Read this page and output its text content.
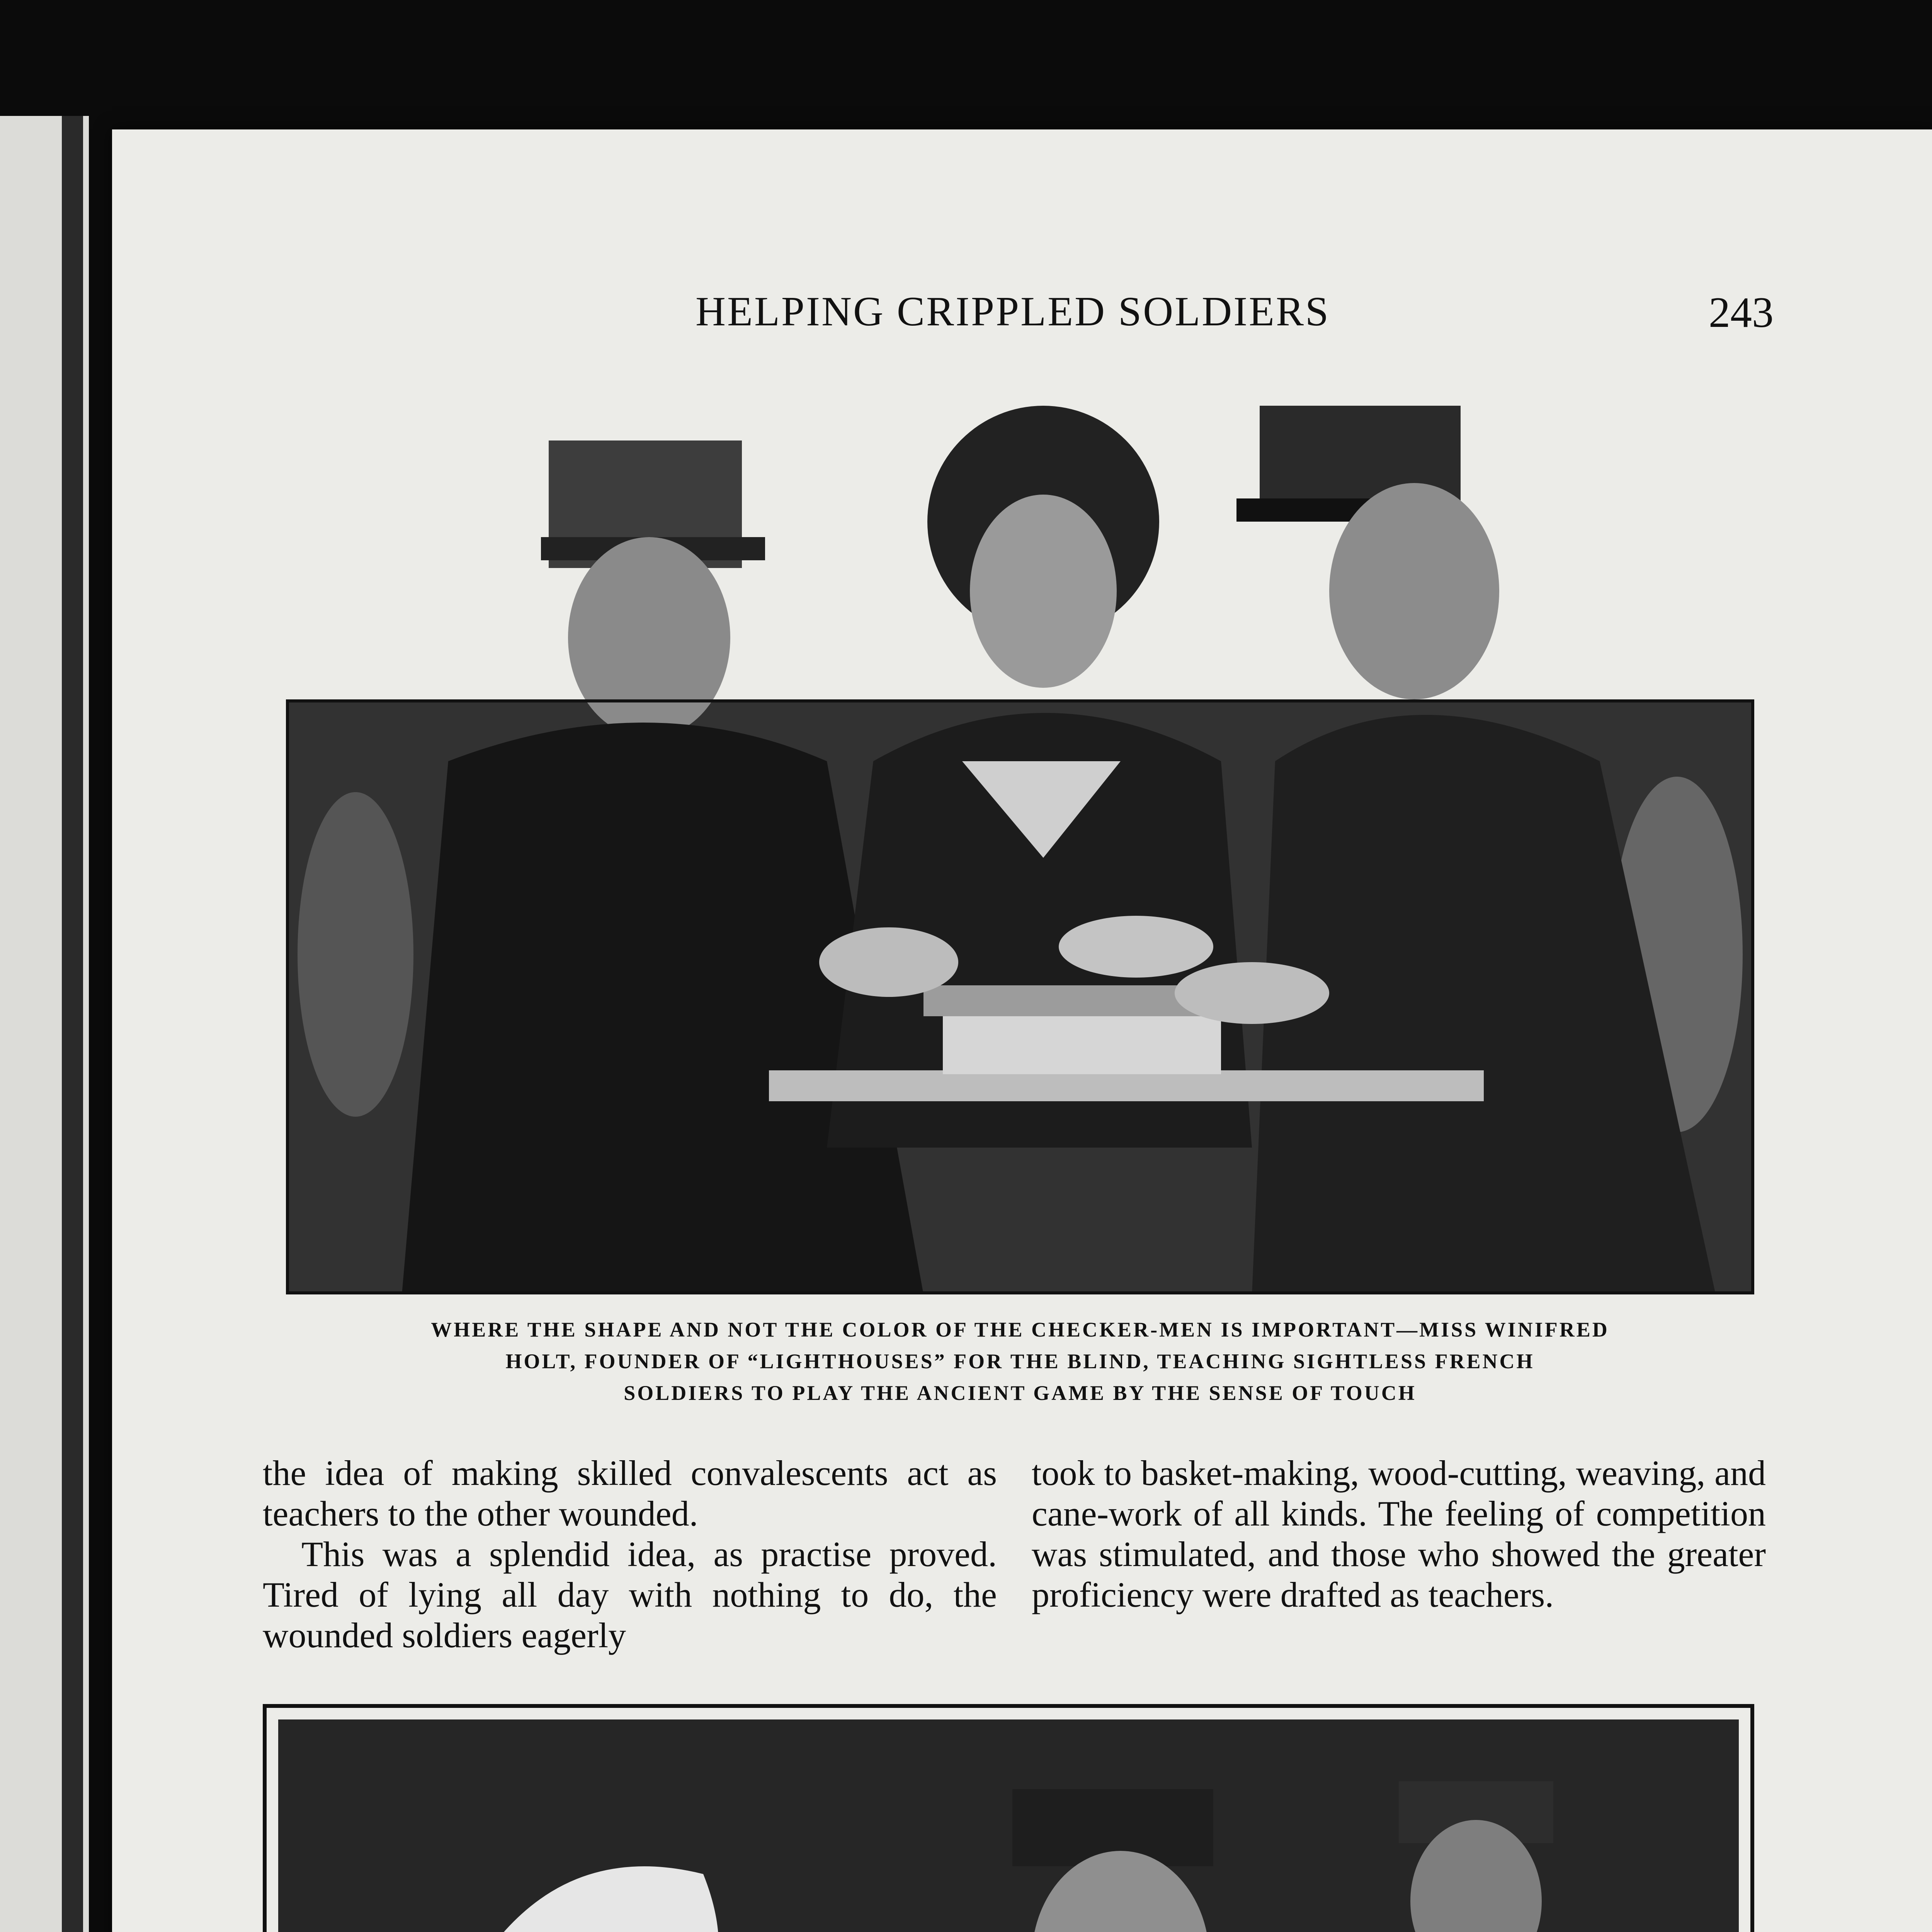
HELPING CRIPPLED SOLDIERS	243
WHERE THE SHAPE AND NOT THE COLOR OF THE CHECKER-MEN IS IMPORTANT—MISS WINIFRED
HOLT, FOUNDER OF “LIGHTHOUSES” FOR THE BLIND, TEACHING SIGHTLESS FRENCH
SOLDIERS TO PLAY THE ANCIENT GAME BY THE SENSE OF TOUCH

the idea of making skilled convalescents act as teachers to the other wounded.

This was a splendid idea, as practise proved. Tired of lying all day with nothing to do, the wounded soldiers eagerly

took to basket-making, wood-cutting, weaving, and cane-work of all kinds. The feeling of competition was stimulated, and those who showed the greater proficiency were drafted as teachers.
